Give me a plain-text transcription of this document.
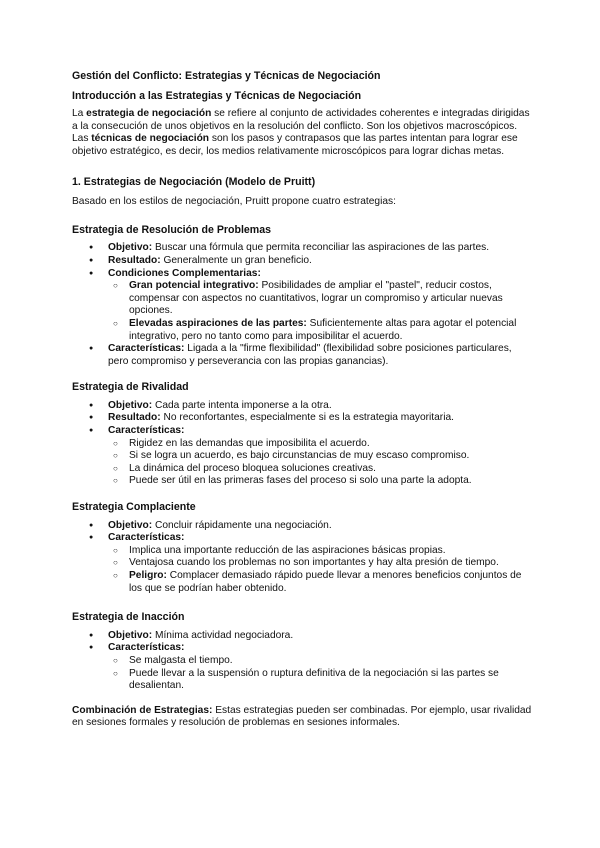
Gestión del Conflicto: Estrategias y Técnicas de Negociación
Introducción a las Estrategias y Técnicas de Negociación

La estrategia de negociación se refiere al conjunto de actividades coherentes e integradas dirigidas a la consecución de unos objetivos en la resolución del conflicto. Son los objetivos macroscópicos.

Las técnicas de negociación son los pasos y contrapasos que las partes intentan para lograr ese objetivo estratégico, es decir, los medios relativamente microscópicos para lograr dichas metas.

1. Estrategias de Negociación (Modelo de Pruitt)

Basado en los estilos de negociación, Pruitt propone cuatro estrategias:

Estrategia de Resolución de Problemas
● Objetivo: Buscar una fórmula que permita reconciliar las aspiraciones de las partes.
● Resultado: Generalmente un gran beneficio.
● Condiciones Complementarias:
○ Gran potencial integrativo: Posibilidades de ampliar el "pastel", reducir costos, compensar con aspectos no cuantitativos, lograr un compromiso y articular nuevas opciones.
○ Elevadas aspiraciones de las partes: Suficientemente altas para agotar el potencial integrativo, pero no tanto como para imposibilitar el acuerdo.
● Características: Ligada a la "firme flexibilidad" (flexibilidad sobre posiciones particulares, pero compromiso y perseverancia con las propias ganancias).
Estrategia de Rivalidad
● Objetivo: Cada parte intenta imponerse a la otra.
● Resultado: No reconfortantes, especialmente si es la estrategia mayoritaria.
● Características:
○ Rigidez en las demandas que imposibilita el acuerdo.
○ Si se logra un acuerdo, es bajo circunstancias de muy escaso compromiso.
○ La dinámica del proceso bloquea soluciones creativas.
○ Puede ser útil en las primeras fases del proceso si solo una parte la adopta.
Estrategia Complaciente
● Objetivo: Concluir rápidamente una negociación.
● Características:
○ Implica una importante reducción de las aspiraciones básicas propias.
○ Ventajosa cuando los problemas no son importantes y hay alta presión de tiempo.
○ Peligro: Complacer demasiado rápido puede llevar a menores beneficios conjuntos de los que se podrían haber obtenido.
Estrategia de Inacción
● Objetivo: Mínima actividad negociadora.
● Características:
○ Se malgasta el tiempo.
○ Puede llevar a la suspensión o ruptura definitiva de la negociación si las partes se desalientan.

Combinación de Estrategias: Estas estrategias pueden ser combinadas. Por ejemplo, usar rivalidad en sesiones formales y resolución de problemas en sesiones informales.
